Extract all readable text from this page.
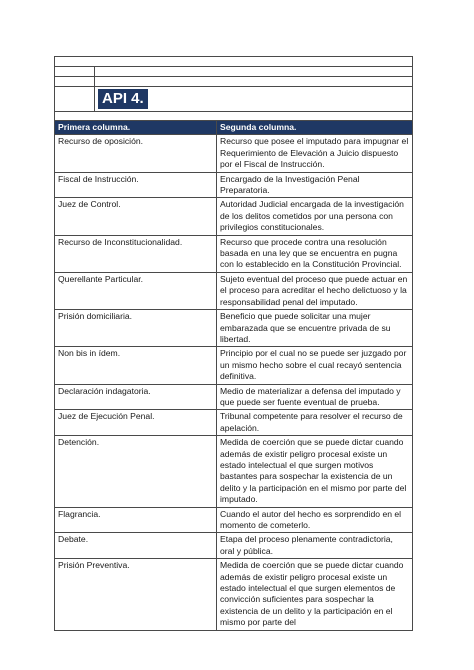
	API 4.	

Primera columna.		Segunda columna.
Recurso de oposición.		Recurso que posee el imputado para impugnar el Requerimiento de Elevación a Juicio dispuesto por el Fiscal de Instrucción.
Fiscal de Instrucción.		Encargado de la Investigación Penal Preparatoria.
Juez de Control.		Autoridad Judicial encargada de la investigación de los delitos cometidos por una persona con privilegios constitucionales.
Recurso de Inconstitucionalidad.		Recurso que procede contra una resolución basada en una ley que se encuentra en pugna con lo establecido en la Constitución Provincial.
Querellante Particular.		Sujeto eventual del proceso que puede actuar en el proceso para acreditar el hecho delictuoso y la responsabilidad penal del imputado.
Prisión domiciliaria.		Beneficio que puede solicitar una mujer embarazada que se encuentre privada de su libertad.
Non bis in ídem.		Principio por el cual no se puede ser juzgado por un mismo hecho sobre el cual recayó sentencia definitiva.
Declaración indagatoria.		Medio de materializar a defensa del imputado y que puede ser fuente eventual de prueba.
Juez de Ejecución Penal.		Tribunal competente para resolver el recurso de apelación.
Detención.		Medida de coerción que se puede dictar cuando además de existir peligro procesal existe un estado intelectual el que surgen motivos bastantes para sospechar la existencia de un delito y la participación en el mismo por parte del imputado.
Flagrancia.		Cuando el autor del hecho es sorprendido en el momento de cometerlo.
Debate.		Etapa del proceso plenamente contradictoria, oral y pública.
Prisión Preventiva.		Medida de coerción que se puede dictar cuando además de existir peligro procesal existe un estado intelectual el que surgen elementos de convicción suficientes para sospechar la existencia de un delito y la participación en el mismo por parte del
